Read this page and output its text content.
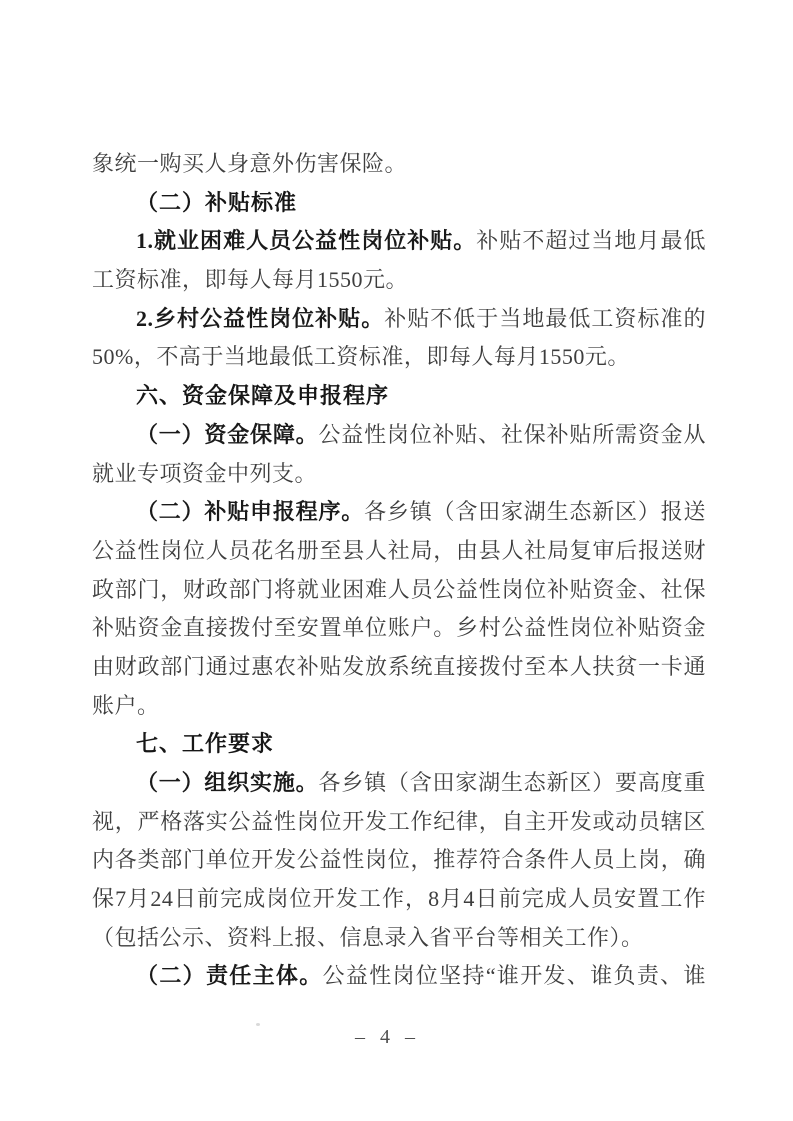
象统一购买人身意外伤害保险。
（二）补贴标准
1.就业困难人员公益性岗位补贴。补贴不超过当地月最低
工资标准，即每人每月1550元。
2.乡村公益性岗位补贴。补贴不低于当地最低工资标准的
50%，不高于当地最低工资标准，即每人每月1550元。
六、资金保障及申报程序
（一）资金保障。公益性岗位补贴、社保补贴所需资金从
就业专项资金中列支。
（二）补贴申报程序。各乡镇（含田家湖生态新区）报送
公益性岗位人员花名册至县人社局，由县人社局复审后报送财
政部门，财政部门将就业困难人员公益性岗位补贴资金、社保
补贴资金直接拨付至安置单位账户。乡村公益性岗位补贴资金
由财政部门通过惠农补贴发放系统直接拨付至本人扶贫一卡通
账户。
七、工作要求
（一）组织实施。各乡镇（含田家湖生态新区）要高度重
视，严格落实公益性岗位开发工作纪律，自主开发或动员辖区
内各类部门单位开发公益性岗位，推荐符合条件人员上岗，确
保7月24日前完成岗位开发工作，8月4日前完成人员安置工作
（包括公示、资料上报、信息录入省平台等相关工作）。
（二）责任主体。公益性岗位坚持“谁开发、谁负责、谁
– 4 –
